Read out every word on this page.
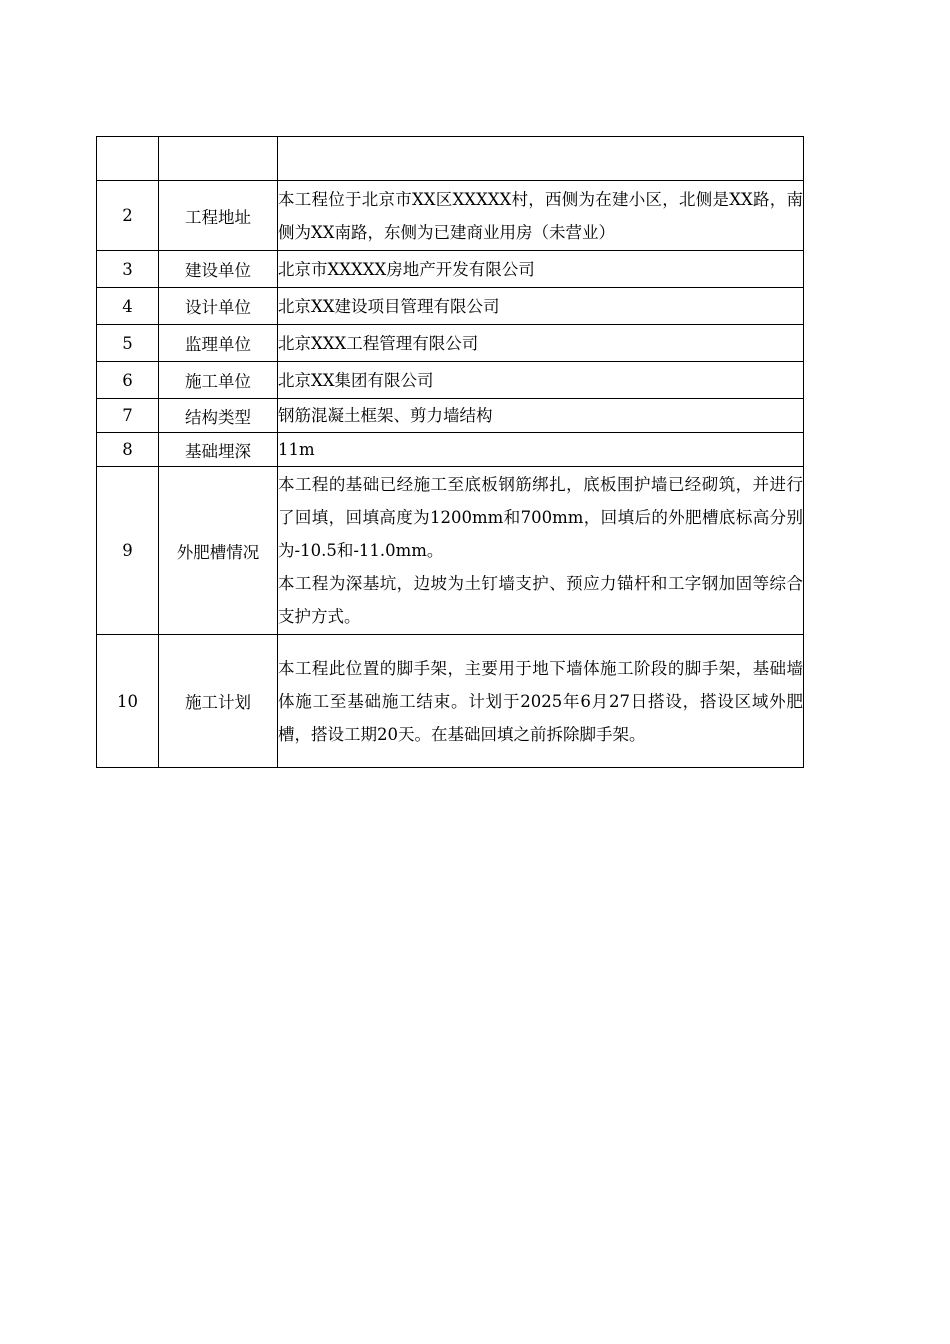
2	工程地址	本工程位于北京市XX区XXXXX村，西侧为在建小区，北侧是XX路，南侧为XX南路，东侧为已建商业用房（未营业）

3	建设单位	北京市XXXXX房地产开发有限公司

4	设计单位	北京XX建设项目管理有限公司

5	监理单位	北京XXX工程管理有限公司

6	施工单位	北京XX集团有限公司

7	结构类型	钢筋混凝土框架、剪力墙结构

8	基础埋深	11m

9	外肥槽情况	本工程的基础已经施工至底板钢筋绑扎，底板围护墙已经砌筑，并进行了回填，回填高度为1200mm和700mm，回填后的外肥槽底标高分别为-10.5和-11.0mm。
本工程为深基坑，边坡为土钉墙支护、预应力锚杆和工字钢加固等综合支护方式。

10	施工计划	本工程此位置的脚手架，主要用于地下墙体施工阶段的脚手架，基础墙体施工至基础施工结束。计划于2025年6月27日搭设，搭设区域外肥槽，搭设工期20天。在基础回填之前拆除脚手架。
